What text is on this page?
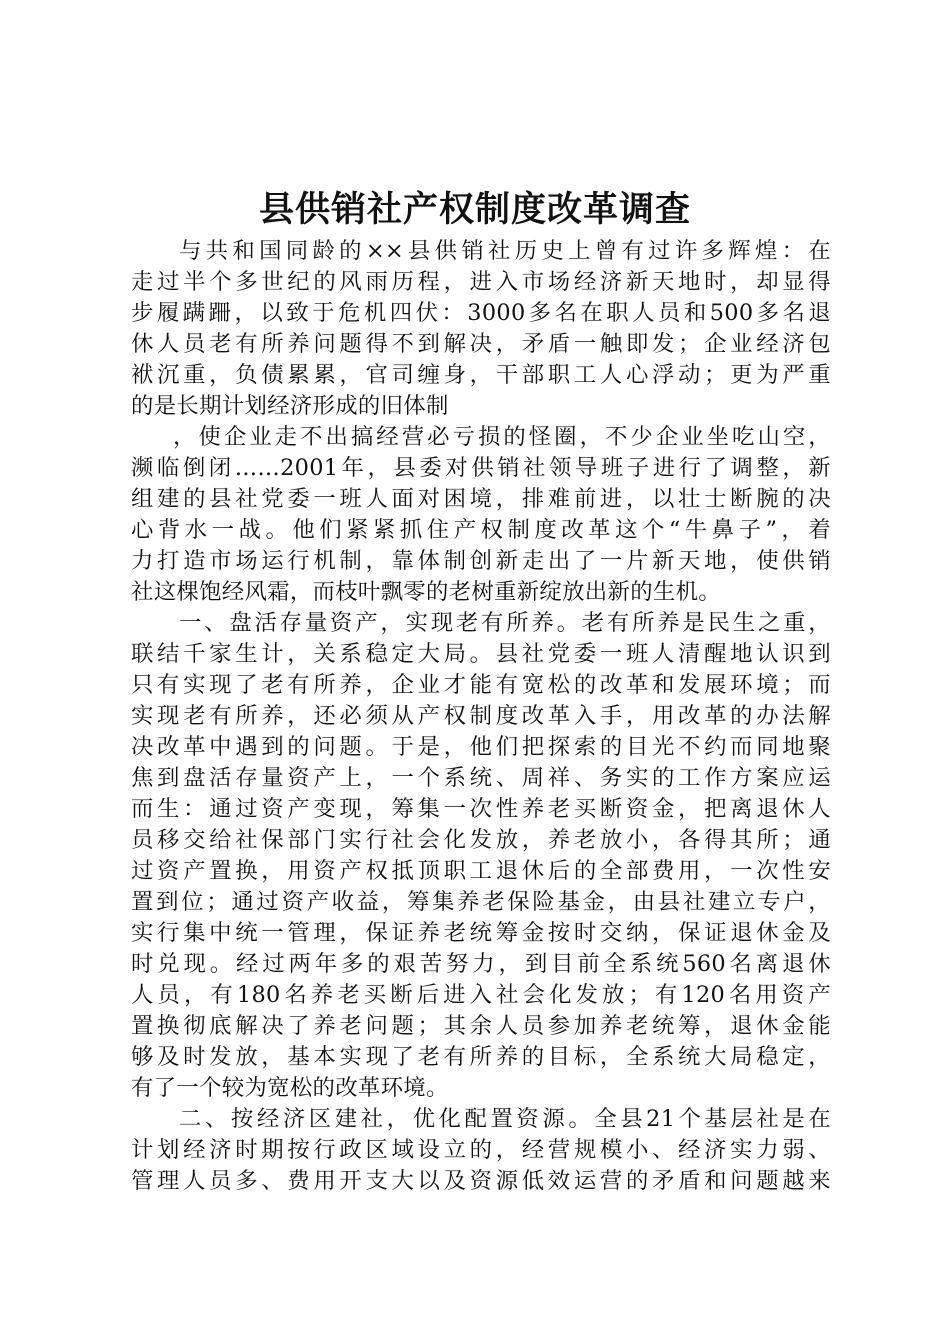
县供销社产权制度改革调查
与共和国同龄的××县供销社历史上曾有过许多辉煌：在
走过半个多世纪的风雨历程，进入市场经济新天地时，却显得
步履蹒跚，以致于危机四伏：3000多名在职人员和500多名退
休人员老有所养问题得不到解决，矛盾一触即发；企业经济包
袱沉重，负债累累，官司缠身，干部职工人心浮动；更为严重
的是长期计划经济形成的旧体制
，使企业走不出搞经营必亏损的怪圈，不少企业坐吃山空，
濒临倒闭……2001年，县委对供销社领导班子进行了调整，新
组建的县社党委一班人面对困境，排难前进，以壮士断腕的决
心背水一战。他们紧紧抓住产权制度改革这个“牛鼻子”，着
力打造市场运行机制，靠体制创新走出了一片新天地，使供销
社这棵饱经风霜，而枝叶飘零的老树重新绽放出新的生机。
一、盘活存量资产，实现老有所养。老有所养是民生之重，
联结千家生计，关系稳定大局。县社党委一班人清醒地认识到
只有实现了老有所养，企业才能有宽松的改革和发展环境；而
实现老有所养，还必须从产权制度改革入手，用改革的办法解
决改革中遇到的问题。于是，他们把探索的目光不约而同地聚
焦到盘活存量资产上，一个系统、周祥、务实的工作方案应运
而生：通过资产变现，筹集一次性养老买断资金，把离退休人
员移交给社保部门实行社会化发放，养老放小，各得其所；通
过资产置换，用资产权抵顶职工退休后的全部费用，一次性安
置到位；通过资产收益，筹集养老保险基金，由县社建立专户，
实行集中统一管理，保证养老统筹金按时交纳，保证退休金及
时兑现。经过两年多的艰苦努力，到目前全系统560名离退休
人员，有180名养老买断后进入社会化发放；有120名用资产
置换彻底解决了养老问题；其余人员参加养老统筹，退休金能
够及时发放，基本实现了老有所养的目标，全系统大局稳定，
有了一个较为宽松的改革环境。
二、按经济区建社，优化配置资源。全县21个基层社是在
计划经济时期按行政区域设立的，经营规模小、经济实力弱、
管理人员多、费用开支大以及资源低效运营的矛盾和问题越来
